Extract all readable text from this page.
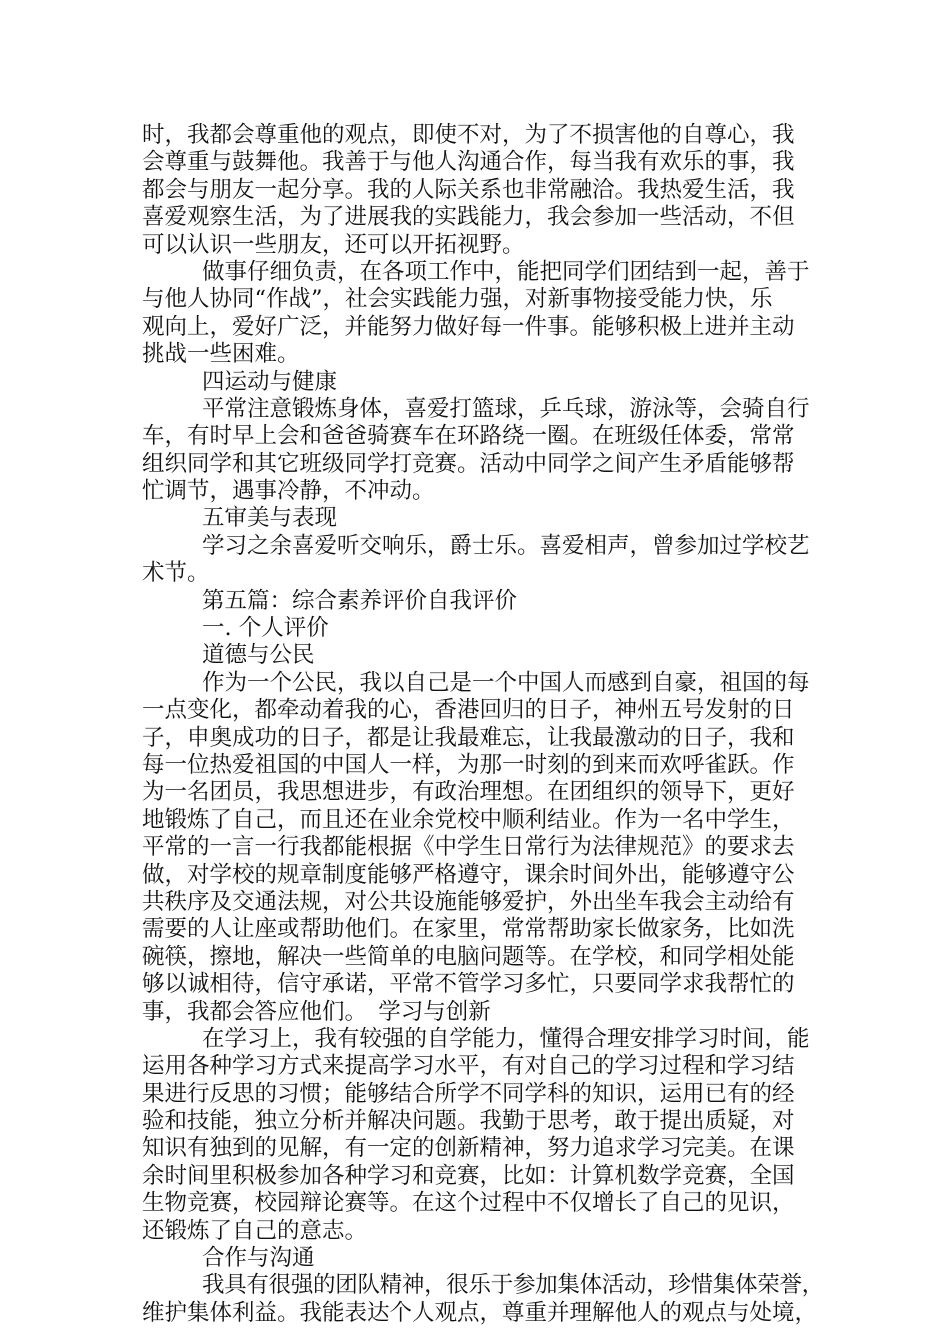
时，我都会尊重他的观点，即使不对，为了不损害他的自尊心，我
会尊重与鼓舞他。我善于与他人沟通合作，每当我有欢乐的事，我
都会与朋友一起分享。我的人际关系也非常融洽。我热爱生活，我
喜爱观察生活，为了进展我的实践能力，我会参加一些活动，不但
可以认识一些朋友，还可以开拓视野。
做事仔细负责，在各项工作中，能把同学们团结到一起，善于
与他人协同“作战”，社会实践能力强，对新事物接受能力快，乐
观向上，爱好广泛，并能努力做好每一件事。能够积极上进并主动
挑战一些困难。
四运动与健康
平常注意锻炼身体，喜爱打篮球，乒乓球，游泳等，会骑自行
车，有时早上会和爸爸骑赛车在环路绕一圈。在班级任体委，常常
组织同学和其它班级同学打竞赛。活动中同学之间产生矛盾能够帮
忙调节，遇事冷静，不冲动。
五审美与表现
学习之余喜爱听交响乐，爵士乐。喜爱相声，曾参加过学校艺
术节。
第五篇：综合素养评价自我评价
一. 个人评价
道德与公民
作为一个公民，我以自己是一个中国人而感到自豪，祖国的每
一点变化，都牵动着我的心，香港回归的日子，神州五号发射的日
子，申奥成功的日子，都是让我最难忘，让我最激动的日子，我和
每一位热爱祖国的中国人一样，为那一时刻的到来而欢呼雀跃。作
为一名团员，我思想进步，有政治理想。在团组织的领导下，更好
地锻炼了自己，而且还在业余党校中顺利结业。作为一名中学生，
平常的一言一行我都能根据《中学生日常行为法律规范》的要求去
做，对学校的规章制度能够严格遵守，课余时间外出，能够遵守公
共秩序及交通法规，对公共设施能够爱护，外出坐车我会主动给有
需要的人让座或帮助他们。在家里，常常帮助家长做家务，比如洗
碗筷，擦地，解决一些简单的电脑问题等。在学校，和同学相处能
够以诚相待，信守承诺，平常不管学习多忙，只要同学求我帮忙的
事，我都会答应他们。　学习与创新
在学习上，我有较强的自学能力，懂得合理安排学习时间，能
运用各种学习方式来提高学习水平，有对自己的学习过程和学习结
果进行反思的习惯；能够结合所学不同学科的知识，运用已有的经
验和技能，独立分析并解决问题。我勤于思考，敢于提出质疑，对
知识有独到的见解，有一定的创新精神，努力追求学习完美。在课
余时间里积极参加各种学习和竞赛，比如：计算机数学竞赛，全国
生物竞赛，校园辩论赛等。在这个过程中不仅增长了自己的见识，
还锻炼了自己的意志。
合作与沟通
我具有很强的团队精神，很乐于参加集体活动，珍惜集体荣誉，
维护集体利益。我能表达个人观点，尊重并理解他人的观点与处境，
